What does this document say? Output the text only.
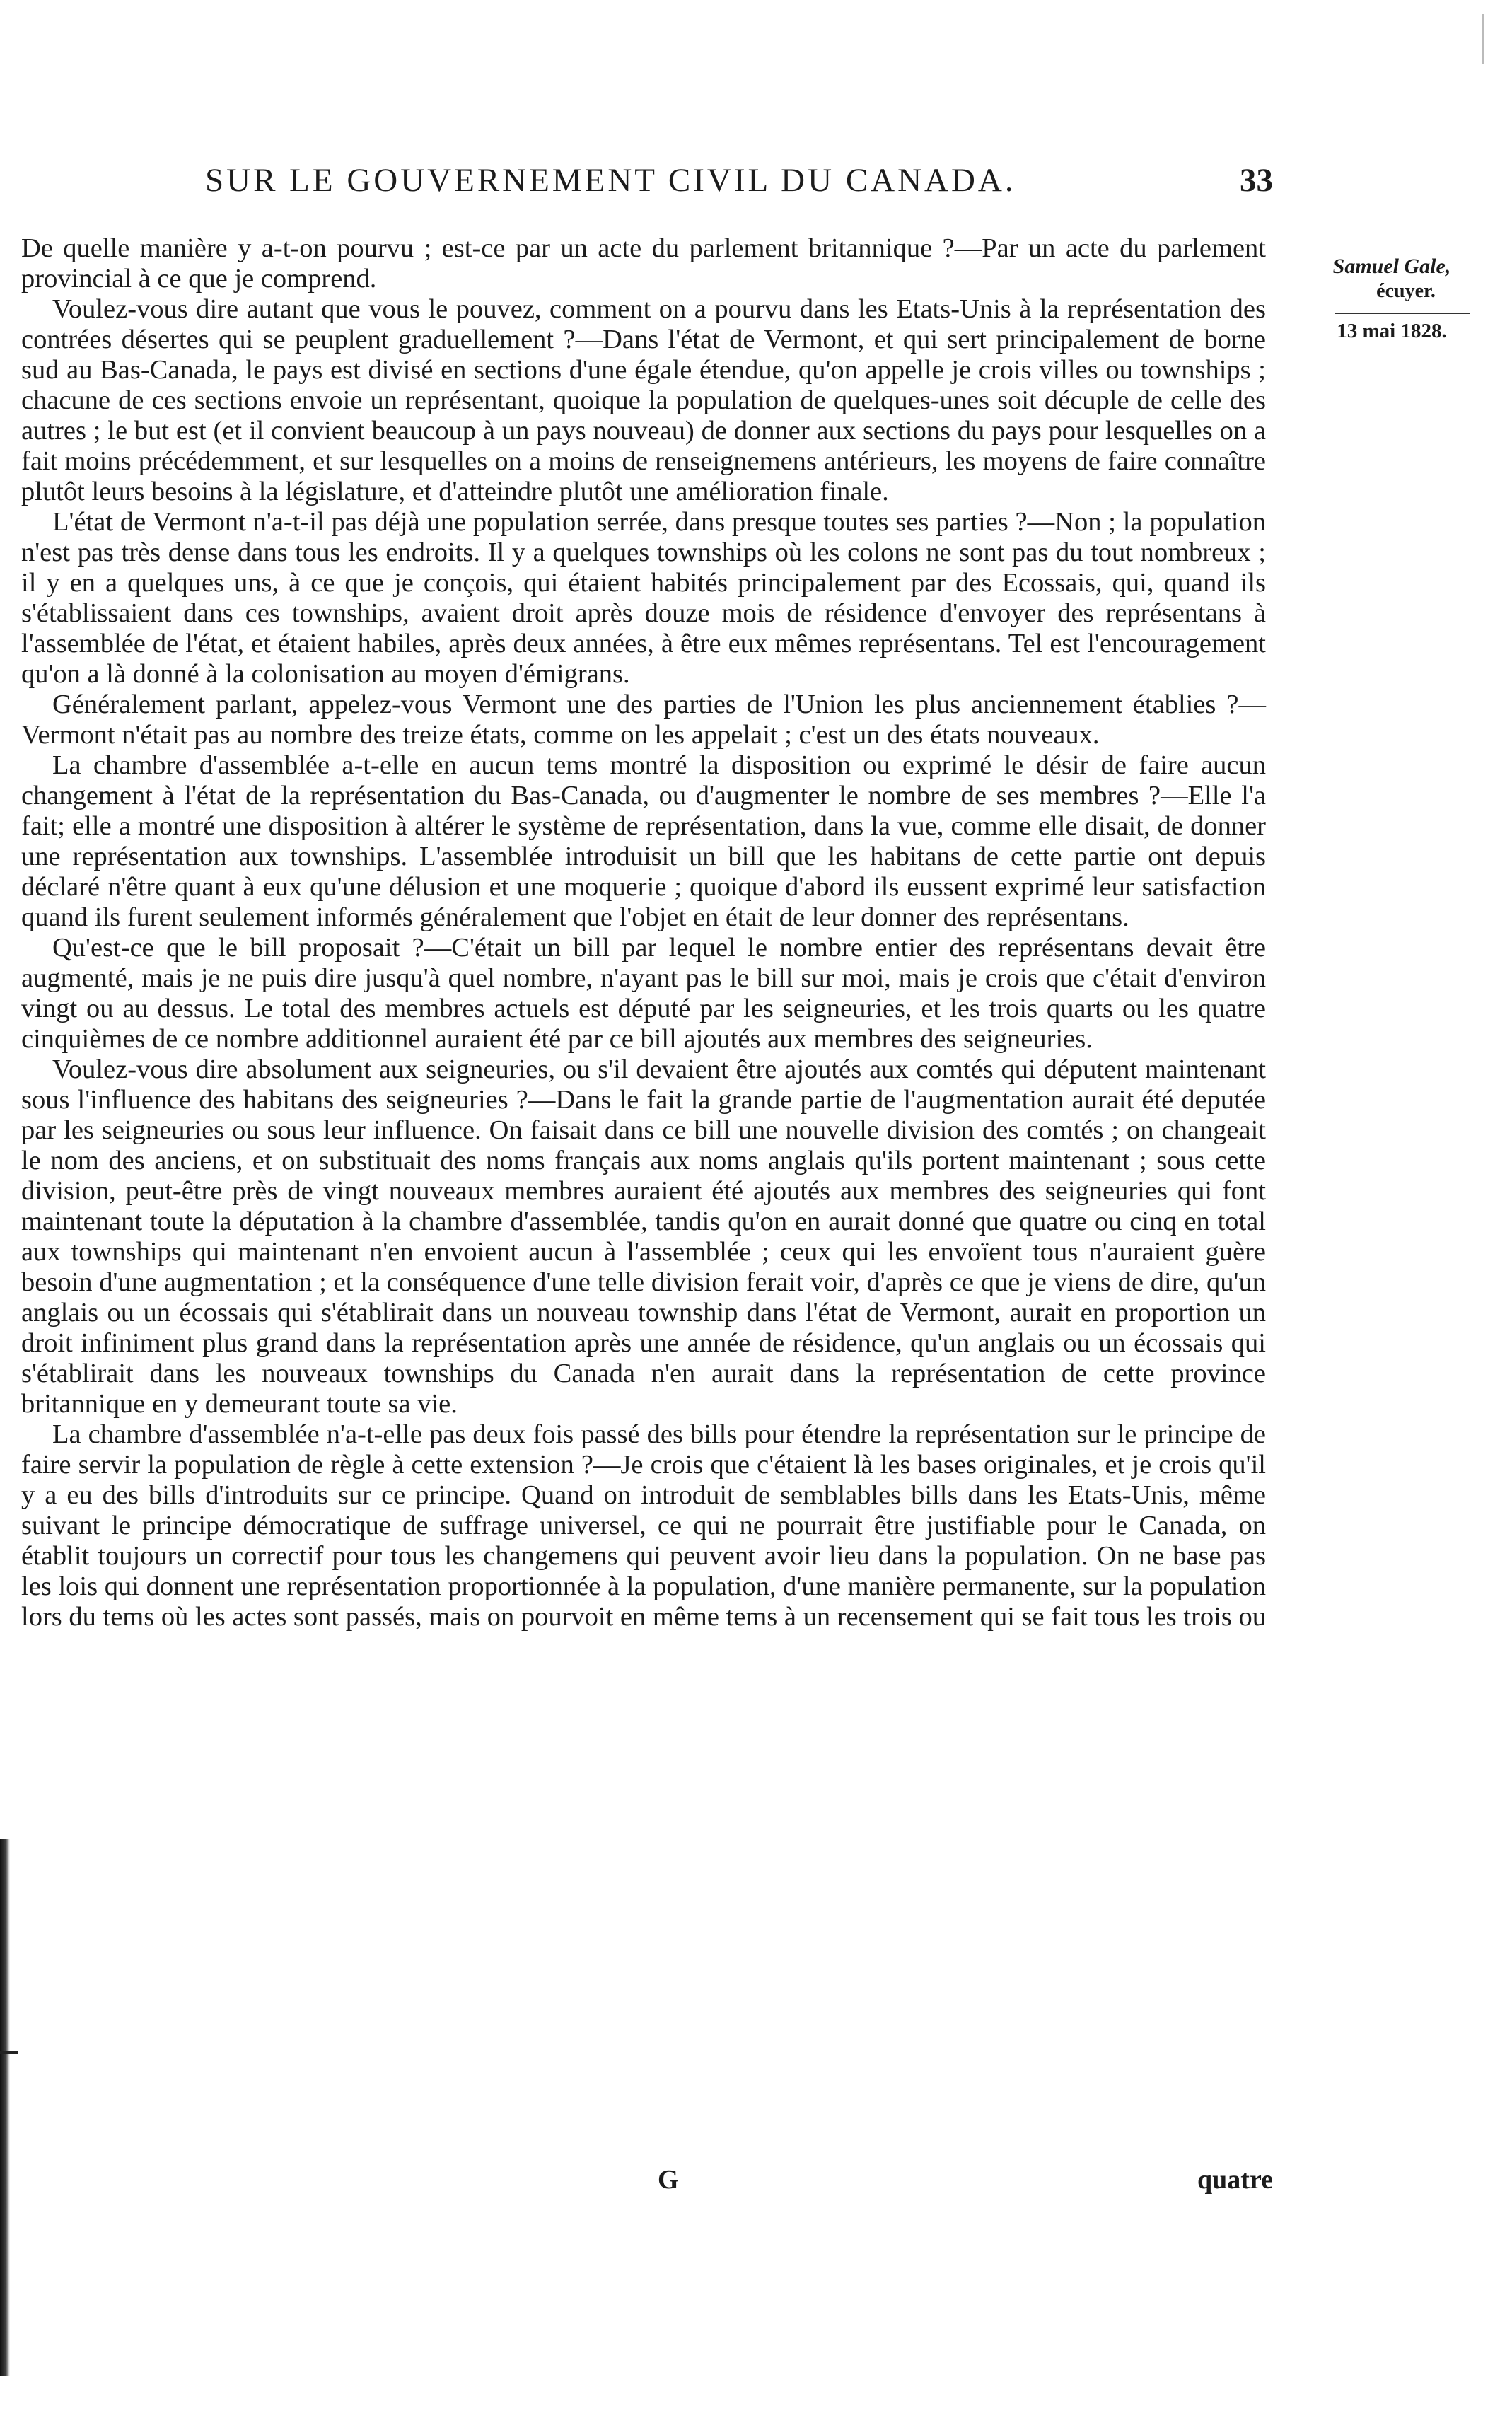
SUR LE GOUVERNEMENT CIVIL DU CANADA.	33
Samuel Gale,
écuyer.
13 mai 1828.

De quelle manière y a-t-on pourvu ; est-ce par un acte du parlement britannique ?—Par un acte du parlement provincial à ce que je comprend.

Voulez-vous dire autant que vous le pouvez, comment on a pourvu dans les Etats-Unis à la représentation des contrées désertes qui se peuplent graduellement ?—Dans l'état de Vermont, et qui sert principalement de borne sud au Bas-Canada, le pays est divisé en sections d'une égale étendue, qu'on appelle je crois villes ou townships ; chacune de ces sections envoie un représentant, quoique la population de quelques-unes soit décuple de celle des autres ; le but est (et il convient beaucoup à un pays nouveau) de donner aux sections du pays pour lesquelles on a fait moins précédemment, et sur lesquelles on a moins de renseignemens antérieurs, les moyens de faire connaître plutôt leurs besoins à la législature, et d'atteindre plutôt une amélioration finale.

L'état de Vermont n'a-t-il pas déjà une population serrée, dans presque toutes ses parties ?—Non ; la population n'est pas très dense dans tous les endroits. Il y a quelques townships où les colons ne sont pas du tout nombreux ; il y en a quelques uns, à ce que je conçois, qui étaient habités principalement par des Ecossais, qui, quand ils s'établissaient dans ces townships, avaient droit après douze mois de résidence d'envoyer des représentans à l'assemblée de l'état, et étaient habiles, après deux années, à être eux mêmes représentans. Tel est l'encouragement qu'on a là donné à la colonisation au moyen d'émigrans.

Généralement parlant, appelez-vous Vermont une des parties de l'Union les plus anciennement établies ?—Vermont n'était pas au nombre des treize états, comme on les appelait ; c'est un des états nouveaux.

La chambre d'assemblée a-t-elle en aucun tems montré la disposition ou exprimé le désir de faire aucun changement à l'état de la représentation du Bas-Canada, ou d'augmenter le nombre de ses membres ?—Elle l'a fait; elle a montré une disposition à altérer le système de représentation, dans la vue, comme elle disait, de donner une représentation aux townships. L'assemblée introduisit un bill que les habitans de cette partie ont depuis déclaré n'être quant à eux qu'une délusion et une moquerie ; quoique d'abord ils eussent exprimé leur satisfaction quand ils furent seulement informés généralement que l'objet en était de leur donner des représentans.

Qu'est-ce que le bill proposait ?—C'était un bill par lequel le nombre entier des représentans devait être augmenté, mais je ne puis dire jusqu'à quel nombre, n'ayant pas le bill sur moi, mais je crois que c'était d'environ vingt ou au dessus. Le total des membres actuels est député par les seigneuries, et les trois quarts ou les quatre cinquièmes de ce nombre additionnel auraient été par ce bill ajoutés aux membres des seigneuries.

Voulez-vous dire absolument aux seigneuries, ou s'il devaient être ajoutés aux comtés qui députent maintenant sous l'influence des habitans des seigneuries ?—Dans le fait la grande partie de l'augmentation aurait été deputée par les seigneuries ou sous leur influence. On faisait dans ce bill une nouvelle division des comtés ; on changeait le nom des anciens, et on substituait des noms français aux noms anglais qu'ils portent maintenant ; sous cette division, peut-être près de vingt nouveaux membres auraient été ajoutés aux membres des seigneuries qui font maintenant toute la députation à la chambre d'assemblée, tandis qu'on en aurait donné que quatre ou cinq en total aux townships qui maintenant n'en envoient aucun à l'assemblée ; ceux qui les envoïent tous n'auraient guère besoin d'une augmentation ; et la conséquence d'une telle division ferait voir, d'après ce que je viens de dire, qu'un anglais ou un écossais qui s'établirait dans un nouveau township dans l'état de Vermont, aurait en proportion un droit infiniment plus grand dans la représentation après une année de résidence, qu'un anglais ou un écossais qui s'établirait dans les nouveaux townships du Canada n'en aurait dans la représentation de cette province britannique en y demeurant toute sa vie.

La chambre d'assemblée n'a-t-elle pas deux fois passé des bills pour étendre la représentation sur le principe de faire servir la population de règle à cette extension ?—Je crois que c'étaient là les bases originales, et je crois qu'il y a eu des bills d'introduits sur ce principe. Quand on introduit de semblables bills dans les Etats-Unis, même suivant le principe démocratique de suffrage universel, ce qui ne pourrait être justifiable pour le Canada, on établit toujours un correctif pour tous les changemens qui peuvent avoir lieu dans la population. On ne base pas les lois qui donnent une représentation proportionnée à la population, d'une manière permanente, sur la population lors du tems où les actes sont passés, mais on pourvoit en même tems à un recensement qui se fait tous les trois ou

G	quatre
